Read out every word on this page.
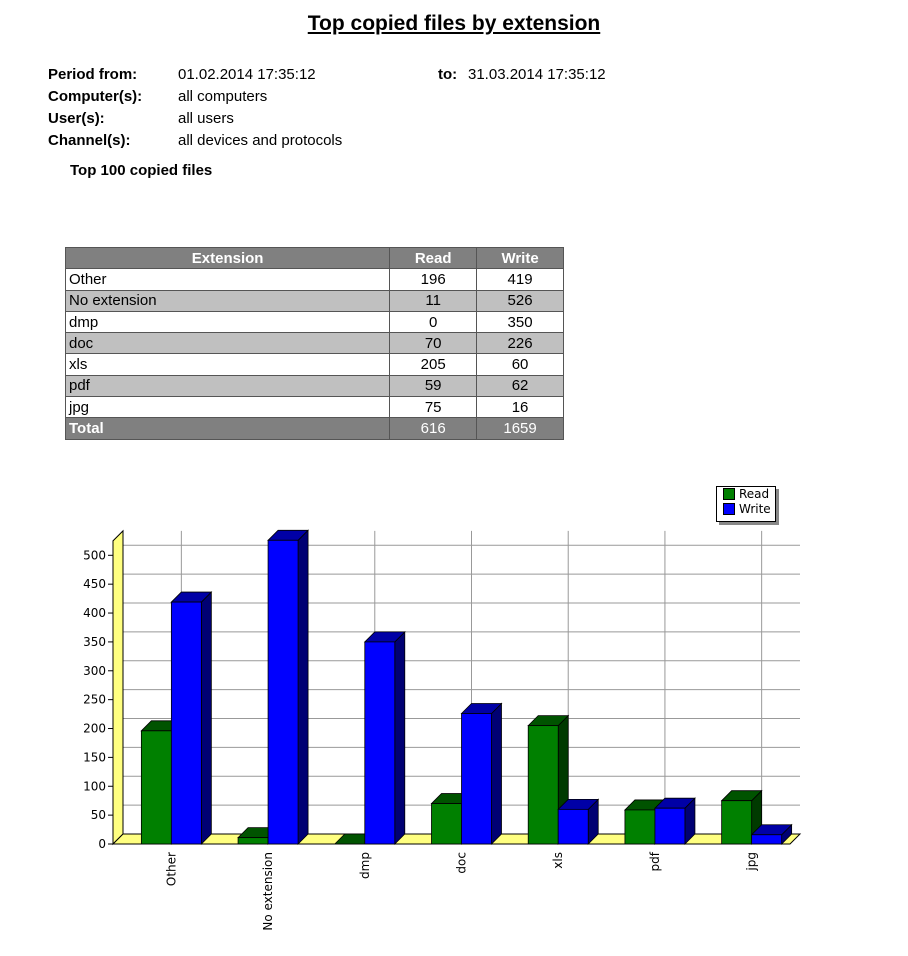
Top copied files by extension
Period from:	01.02.2014 17:35:12	to: 31.03.2014 17:35:12
Computer(s): all computers
User(s):	all users
Channel(s):	all devices and protocols
Top 100 copied files
Extension	Read	Write
Other	196	419
No extension	11	526
dmp	0	350
doc	70	226
xls	205	60
pdf	59	62
jpg	75	16
Total	616	1659
Read
Write
0
50
100
150
200
250
300
350
400
450
500
Other	No extension	dmp	doc	xls	pdf	jpg
